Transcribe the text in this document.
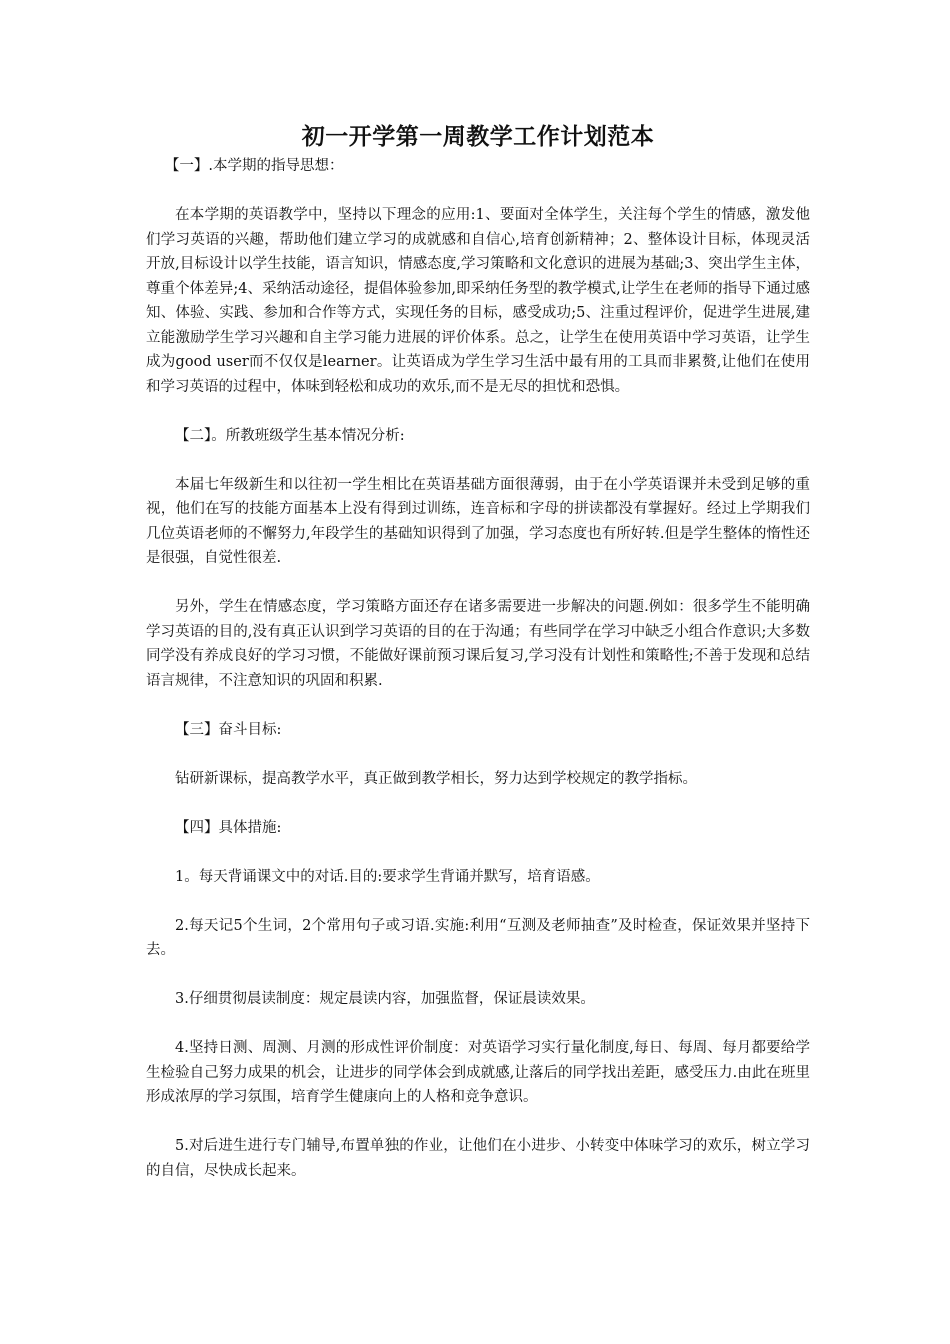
初一开学第一周教学工作计划范本
【一】.本学期的指导思想：

在本学期的英语教学中，坚持以下理念的应用:1、要面对全体学生，关注每个学生的情感，激发他们学习英语的兴趣，帮助他们建立学习的成就感和自信心,培育创新精神；2、整体设计目标，体现灵活开放,目标设计以学生技能，语言知识，情感态度,学习策略和文化意识的进展为基础;3、突出学生主体，尊重个体差异;4、采纳活动途径，提倡体验参加,即采纳任务型的教学模式,让学生在老师的指导下通过感知、体验、实践、参加和合作等方式，实现任务的目标，感受成功;5、注重过程评价，促进学生进展,建立能激励学生学习兴趣和自主学习能力进展的评价体系。总之，让学生在使用英语中学习英语，让学生成为good user而不仅仅是learner。让英语成为学生学习生活中最有用的工具而非累赘,让他们在使用和学习英语的过程中，体味到轻松和成功的欢乐,而不是无尽的担忧和恐惧。

【二】。所教班级学生基本情况分析:

本届七年级新生和以往初一学生相比在英语基础方面很薄弱，由于在小学英语课并未受到足够的重视，他们在写的技能方面基本上没有得到过训练，连音标和字母的拼读都没有掌握好。经过上学期我们几位英语老师的不懈努力,年段学生的基础知识得到了加强，学习态度也有所好转.但是学生整体的惰性还是很强，自觉性很差.

另外，学生在情感态度，学习策略方面还存在诸多需要进一步解决的问题.例如：很多学生不能明确学习英语的目的,没有真正认识到学习英语的目的在于沟通；有些同学在学习中缺乏小组合作意识;大多数同学没有养成良好的学习习惯，不能做好课前预习课后复习,学习没有计划性和策略性;不善于发现和总结语言规律，不注意知识的巩固和积累.

【三】奋斗目标:

钻研新课标，提高教学水平，真正做到教学相长，努力达到学校规定的教学指标。

【四】具体措施:

1。每天背诵课文中的对话.目的:要求学生背诵并默写，培育语感。

2.每天记5个生词，2个常用句子或习语.实施:利用“互测及老师抽查”及时检查，保证效果并坚持下去。

3.仔细贯彻晨读制度：规定晨读内容，加强监督，保证晨读效果。

4.坚持日测、周测、月测的形成性评价制度：对英语学习实行量化制度,每日、每周、每月都要给学生检验自己努力成果的机会，让进步的同学体会到成就感,让落后的同学找出差距，感受压力.由此在班里形成浓厚的学习氛围，培育学生健康向上的人格和竞争意识。

5.对后进生进行专门辅导,布置单独的作业，让他们在小进步、小转变中体味学习的欢乐，树立学习的自信，尽快成长起来。
